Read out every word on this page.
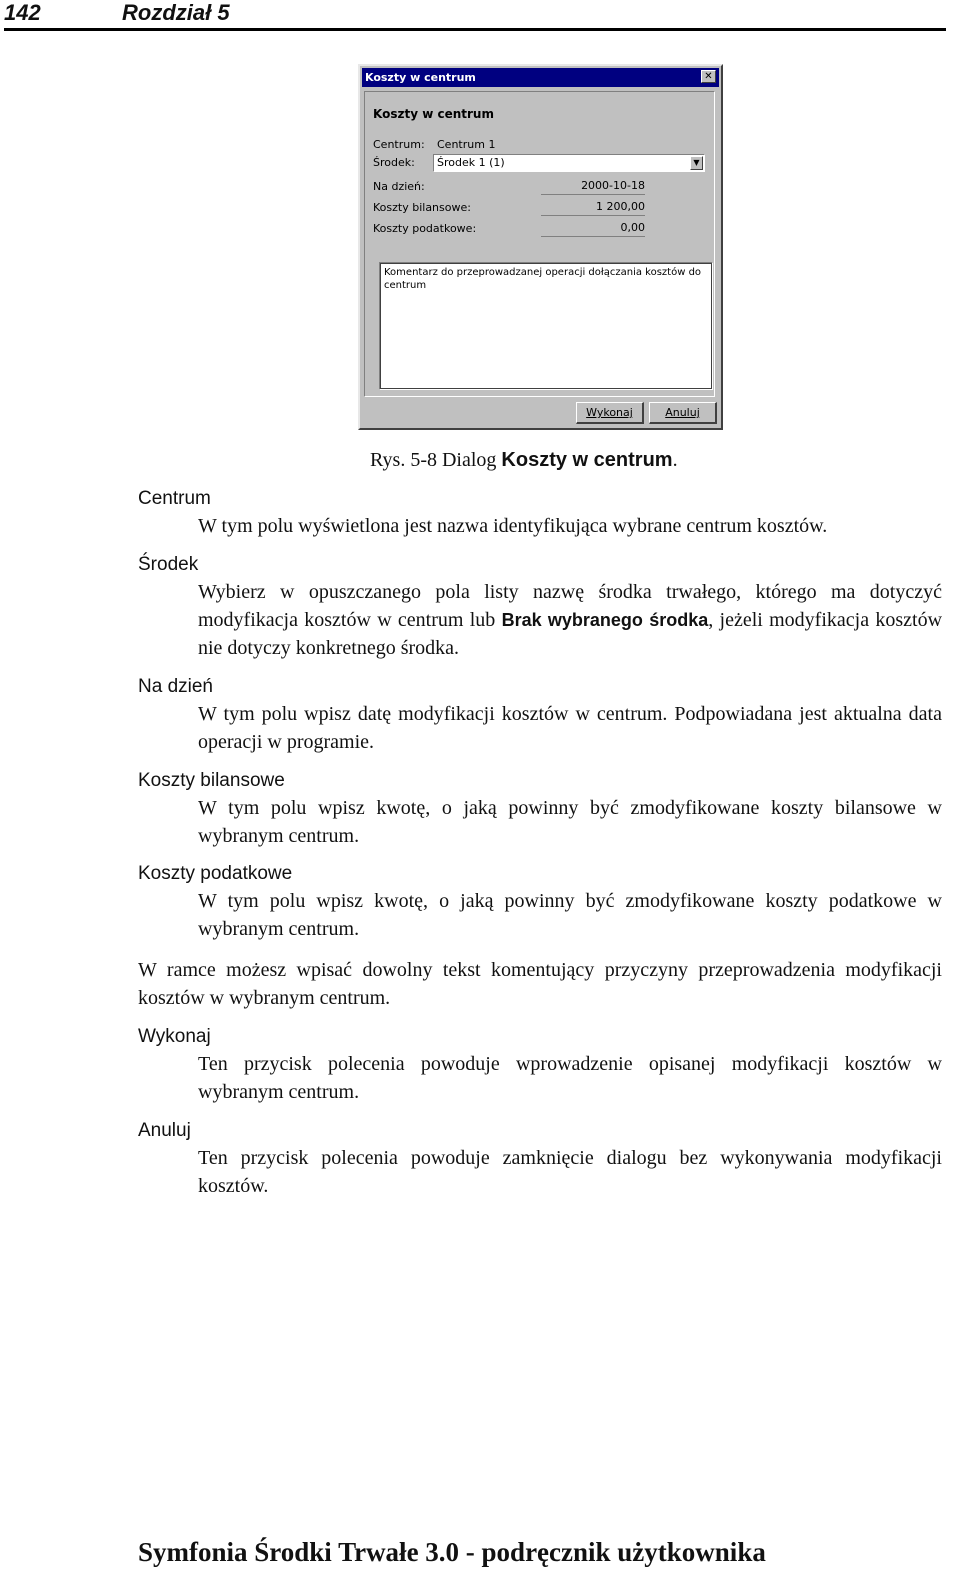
142	Rozdział 5
Koszty w centrum	✕
Koszty w centrum
Centrum: Centrum 1
Środek: Środek 1 (1)	▼
Na dzień:	2000-10-18
Koszty bilansowe:	1 200,00
Koszty podatkowe:	0,00
Komentarz do przeprowadzanej operacji dołączania kosztów do centrum
Wykonaj	Anuluj
Rys. 5-8 Dialog Koszty w centrum.
Centrum
W tym polu wyświetlona jest nazwa identyfikująca wybrane centrum kosztów.
Środek
Wybierz w opuszczanego pola listy nazwę środka trwałego, którego ma dotyczyć modyfikacja kosztów w centrum lub Brak wybranego środka, jeżeli modyfikacja kosztów nie dotyczy konkretnego środka.
Na dzień
W tym polu wpisz datę modyfikacji kosztów w centrum. Podpowiadana jest aktualna data operacji w programie.
Koszty bilansowe
W tym polu wpisz kwotę, o jaką powinny być zmodyfikowane koszty bilansowe w wybranym centrum.
Koszty podatkowe
W tym polu wpisz kwotę, o jaką powinny być zmodyfikowane koszty podatkowe w wybranym centrum.
W ramce możesz wpisać dowolny tekst komentujący przyczyny przeprowadzenia modyfikacji kosztów w wybranym centrum.
Wykonaj
Ten przycisk polecenia powoduje wprowadzenie opisanej modyfikacji kosztów w wybranym centrum.
Anuluj
Ten przycisk polecenia powoduje zamknięcie dialogu bez wykonywania modyfikacji kosztów.
Symfonia Środki Trwałe 3.0 - podręcznik użytkownika
